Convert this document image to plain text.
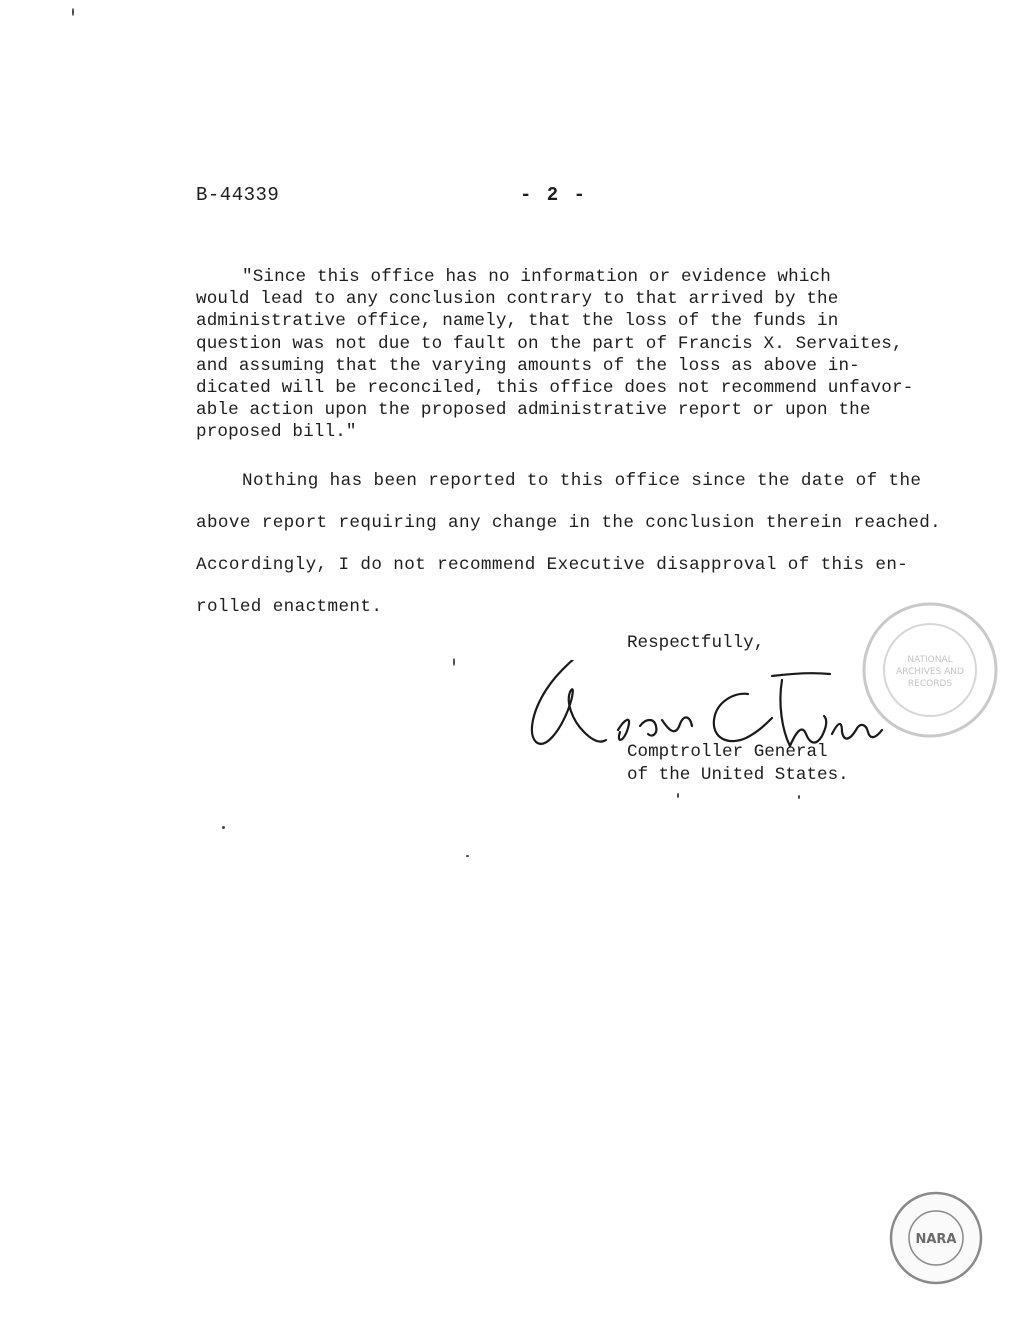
B-44339	- 2 -
"Since this office has no information or evidence which
would lead to any conclusion contrary to that arrived by the
administrative office, namely, that the loss of the funds in
question was not due to fault on the part of Francis X. Servaites,
and assuming that the varying amounts of the loss as above in-
dicated will be reconciled, this office does not recommend unfavor-
able action upon the proposed administrative report or upon the
proposed bill."
Nothing has been reported to this office since the date of the
above report requiring any change in the conclusion therein reached.
Accordingly, I do not recommend Executive disapproval of this en-
rolled enactment.
Respectfully,
Comptroller General
of the United States.
NATIONAL
ARCHIVES AND
RECORDS
NARA
